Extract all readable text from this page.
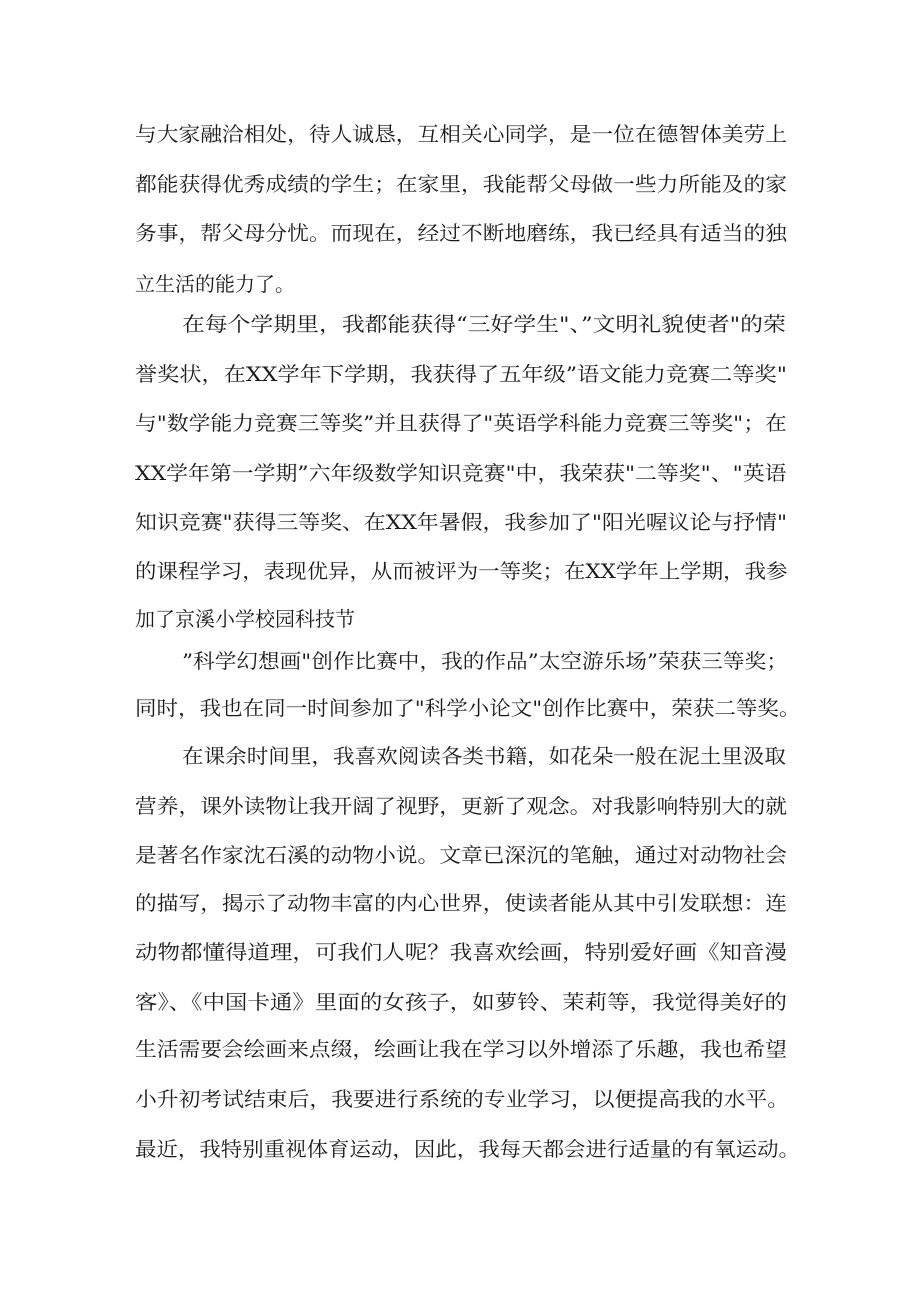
与大家融洽相处，待人诚恳，互相关心同学，是一位在德智体美劳上
都能获得优秀成绩的学生；在家里，我能帮父母做一些力所能及的家
务事，帮父母分忧。而现在，经过不断地磨练，我已经具有适当的独
立生活的能力了。
在每个学期里，我都能获得“三好学生"、”文明礼貌使者"的荣
誉奖状，在XX学年下学期，我获得了五年级”语文能力竞赛二等奖"
与"数学能力竞赛三等奖”并且获得了"英语学科能力竞赛三等奖"；在
XX学年第一学期”六年级数学知识竞赛"中，我荣获"二等奖"、"英语
知识竞赛"获得三等奖、在XX年暑假，我参加了"阳光喔议论与抒情"
的课程学习，表现优异，从而被评为一等奖；在XX学年上学期，我参
加了京溪小学校园科技节
”科学幻想画"创作比赛中，我的作品”太空游乐场”荣获三等奖；
同时，我也在同一时间参加了"科学小论文"创作比赛中，荣获二等奖。
在课余时间里，我喜欢阅读各类书籍，如花朵一般在泥土里汲取
营养，课外读物让我开阔了视野，更新了观念。对我影响特别大的就
是著名作家沈石溪的动物小说。文章已深沉的笔触，通过对动物社会
的描写，揭示了动物丰富的内心世界，使读者能从其中引发联想：连
动物都懂得道理，可我们人呢？我喜欢绘画，特别爱好画《知音漫
客》、《中国卡通》里面的女孩子，如萝铃、茉莉等，我觉得美好的
生活需要会绘画来点缀，绘画让我在学习以外增添了乐趣，我也希望
小升初考试结束后，我要进行系统的专业学习，以便提高我的水平。
最近，我特别重视体育运动，因此，我每天都会进行适量的有氧运动。
